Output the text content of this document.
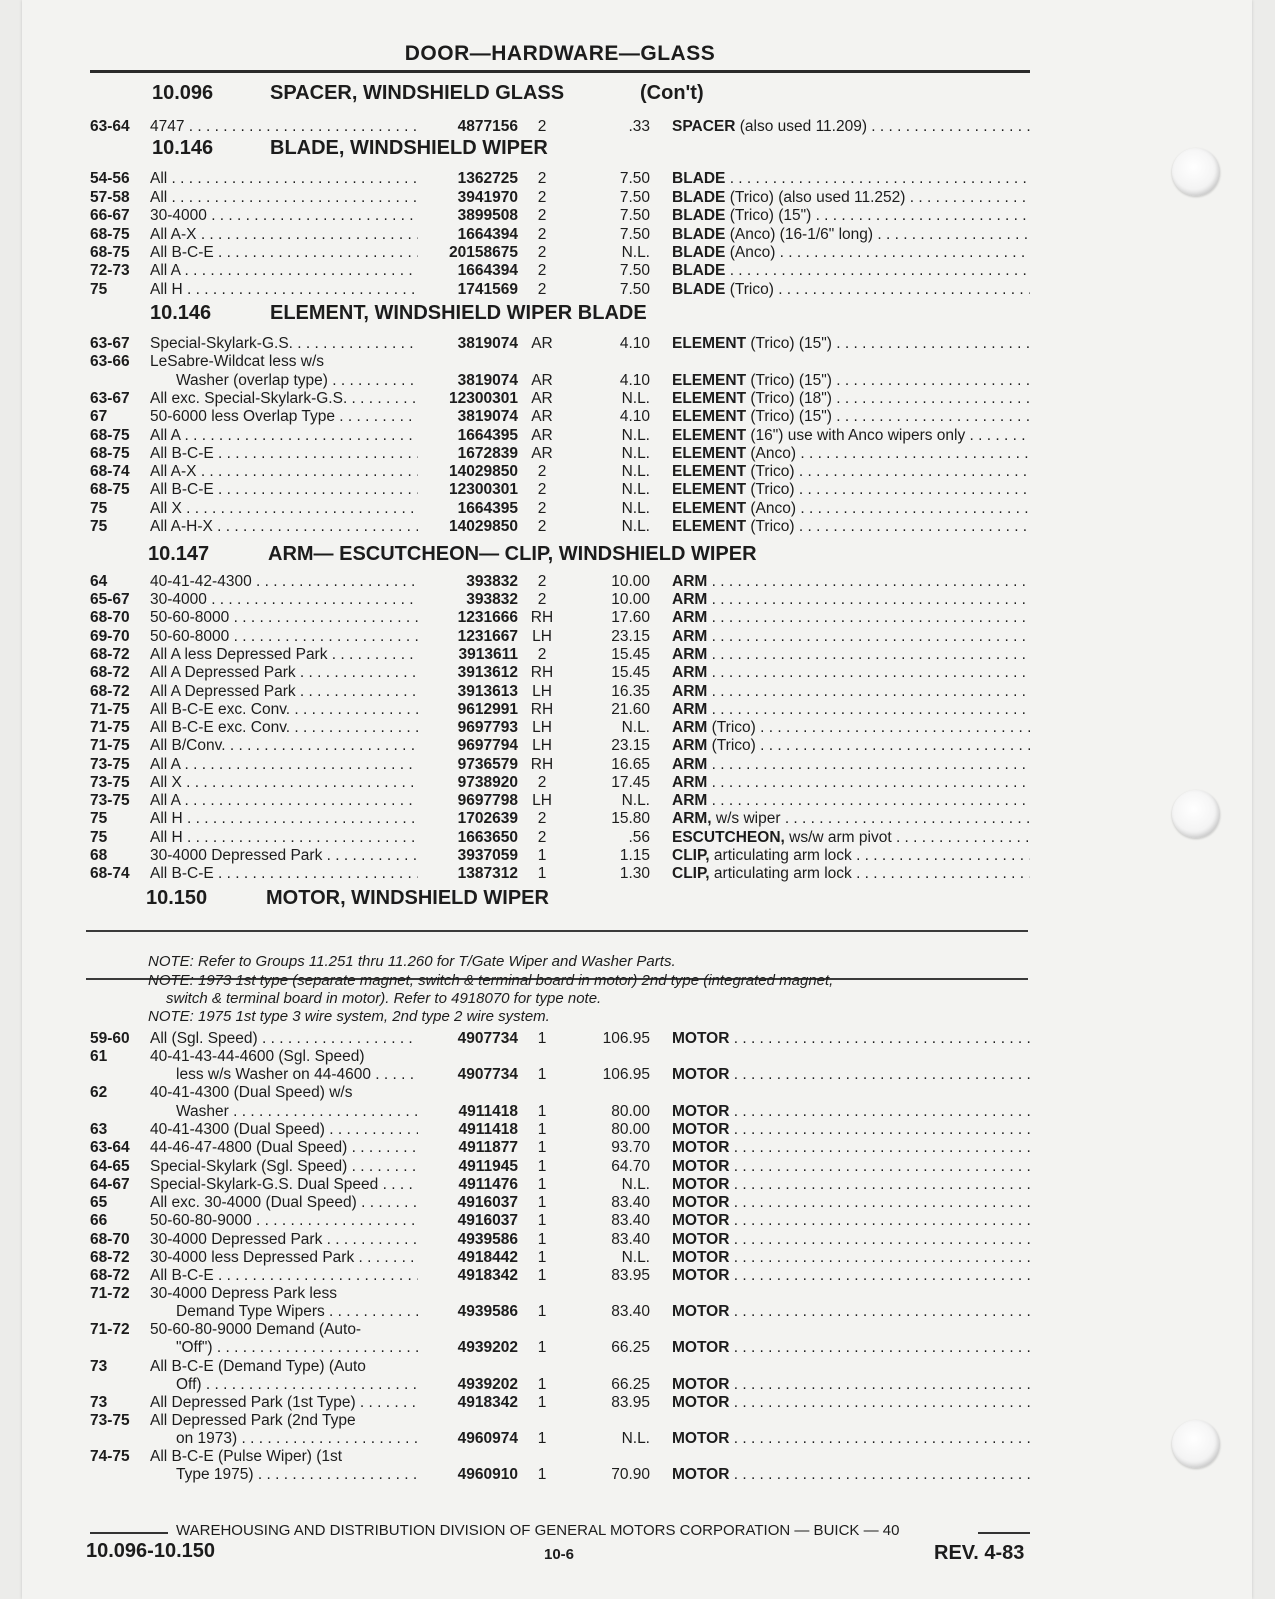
DOOR—HARDWARE—GLASS
10.096	SPACER, WINDSHIELD GLASS	(Con't)
10.146	BLADE, WINDSHIELD WIPER
10.146	ELEMENT, WINDSHIELD WIPER BLADE
10.147	ARM— ESCUTCHEON— CLIP, WINDSHIELD WIPER
10.150	MOTOR, WINDSHIELD WIPER
NOTE: Refer to Groups 11.251 thru 11.260 for T/Gate Wiper and Washer Parts.
NOTE: 1973 1st type (separate magnet, switch & terminal board in motor) 2nd type (integrated magnet,
switch & terminal board in motor). Refer to 4918070 for type note.
NOTE: 1975 1st type 3 wire system, 2nd type 2 wire system.
63-64 4747 . . .	4877156	2	.33 SPACER (also used 11.209) . . .
54-56 All . . .	1362725	2	7.50 BLADE . . .
57-58 All . . .	3941970	2	7.50 BLADE (Trico) (also used 11.252) . . .
66-67 30-4000 . . .	3899508	2	7.50 BLADE (Trico) (15") . . .
68-75 All A-X . . .	1664394	2	7.50 BLADE (Anco) (16-1/6" long) . . .
68-75 All B-C-E . . .	20158675	2	N.L. BLADE (Anco) . . .
72-73 All A . . .	1664394	2	7.50 BLADE . . .
75	All H . . .	1741569	2	7.50 BLADE (Trico) . . .
63-67 Special-Skylark-G.S. . . .	3819074 AR	4.10 ELEMENT (Trico) (15") . . .
63-66 LeSabre-Wildcat less w/s
Washer (overlap type) . . .	3819074 AR	4.10 ELEMENT (Trico) (15") . . .
63-67 All exc. Special-Skylark-G.S. . . .	12300301 AR	N.L. ELEMENT (Trico) (18") . . .
67	50-6000 less Overlap Type . . .	3819074 AR	4.10 ELEMENT (Trico) (15") . . .
68-75 All A . . .	1664395 AR	N.L. ELEMENT (16") use with Anco wipers only . . .
68-75 All B-C-E . . .	1672839 AR	N.L. ELEMENT (Anco) . . .
68-74 All A-X . . .	14029850	2	N.L. ELEMENT (Trico) . . .
68-75 All B-C-E . . .	12300301	2	N.L. ELEMENT (Trico) . . .
75	All X . . .	1664395	2	N.L. ELEMENT (Anco) . . .
75	All A-H-X . . .	14029850	2	N.L. ELEMENT (Trico) . . .
64	40-41-42-4300 . . .	393832	2	10.00 ARM . . .
65-67 30-4000 . . .	393832	2	10.00 ARM . . .
68-70 50-60-8000 . . .	1231666 RH	17.60 ARM . . .
69-70 50-60-8000 . . .	1231667 LH	23.15 ARM . . .
68-72 All A less Depressed Park . . .	3913611	2	15.45 ARM . . .
68-72 All A Depressed Park . . .	3913612 RH	15.45 ARM . . .
68-72 All A Depressed Park . . .	3913613 LH	16.35 ARM . . .
71-75 All B-C-E exc. Conv. . . .	9612991 RH	21.60 ARM . . .
71-75 All B-C-E exc. Conv. . . .	9697793 LH	N.L. ARM (Trico) . . .
71-75 All B/Conv. . . .	9697794 LH	23.15 ARM (Trico) . . .
73-75 All A . . .	9736579 RH	16.65 ARM . . .
73-75 All X . . .	9738920	2	17.45 ARM . . .
73-75 All A . . .	9697798 LH	N.L. ARM . . .
75	All H . . .	1702639	2	15.80 ARM, w/s wiper . . .
75	All H . . .	1663650	2	.56 ESCUTCHEON, ws/w arm pivot . . .
68	30-4000 Depressed Park . . .	3937059	1	1.15 CLIP, articulating arm lock . . .
68-74 All B-C-E . . .	1387312	1	1.30 CLIP, articulating arm lock . . .
59-60 All (Sgl. Speed) . . .	4907734	1	106.95 MOTOR . . .
61	40-41-43-44-4600 (Sgl. Speed)
less w/s Washer on 44-4600 . . .	4907734	1	106.95 MOTOR . . .
62	40-41-4300 (Dual Speed) w/s
Washer . . .	4911418	1	80.00 MOTOR . . .
63	40-41-4300 (Dual Speed) . . .	4911418	1	80.00 MOTOR . . .
63-64 44-46-47-4800 (Dual Speed) . . .	4911877	1	93.70 MOTOR . . .
64-65 Special-Skylark (Sgl. Speed) . . .	4911945	1	64.70 MOTOR . . .
64-67 Special-Skylark-G.S. Dual Speed . . .	4911476	1	N.L. MOTOR . . .
65	All exc. 30-4000 (Dual Speed) . . .	4916037	1	83.40 MOTOR . . .
66	50-60-80-9000 . . .	4916037	1	83.40 MOTOR . . .
68-70 30-4000 Depressed Park . . .	4939586	1	83.40 MOTOR . . .
68-72 30-4000 less Depressed Park . . .	4918442	1	N.L. MOTOR . . .
68-72 All B-C-E . . .	4918342	1	83.95 MOTOR . . .
71-72 30-4000 Depress Park less
Demand Type Wipers . . .	4939586	1	83.40 MOTOR . . .
71-72 50-60-80-9000 Demand (Auto-
"Off") . . .	4939202	1	66.25 MOTOR . . .
73	All B-C-E (Demand Type) (Auto
Off) . . .	4939202	1	66.25 MOTOR . . .
73	All Depressed Park (1st Type) . . .	4918342	1	83.95 MOTOR . . .
73-75 All Depressed Park (2nd Type
on 1973) . . .	4960974	1	N.L. MOTOR . . .
74-75 All B-C-E (Pulse Wiper) (1st
Type 1975) . . .	4960910	1	70.90 MOTOR . . .
WAREHOUSING AND DISTRIBUTION DIVISION OF GENERAL MOTORS CORPORATION — BUICK — 40
10.096-10.150	10-6	REV. 4-83
